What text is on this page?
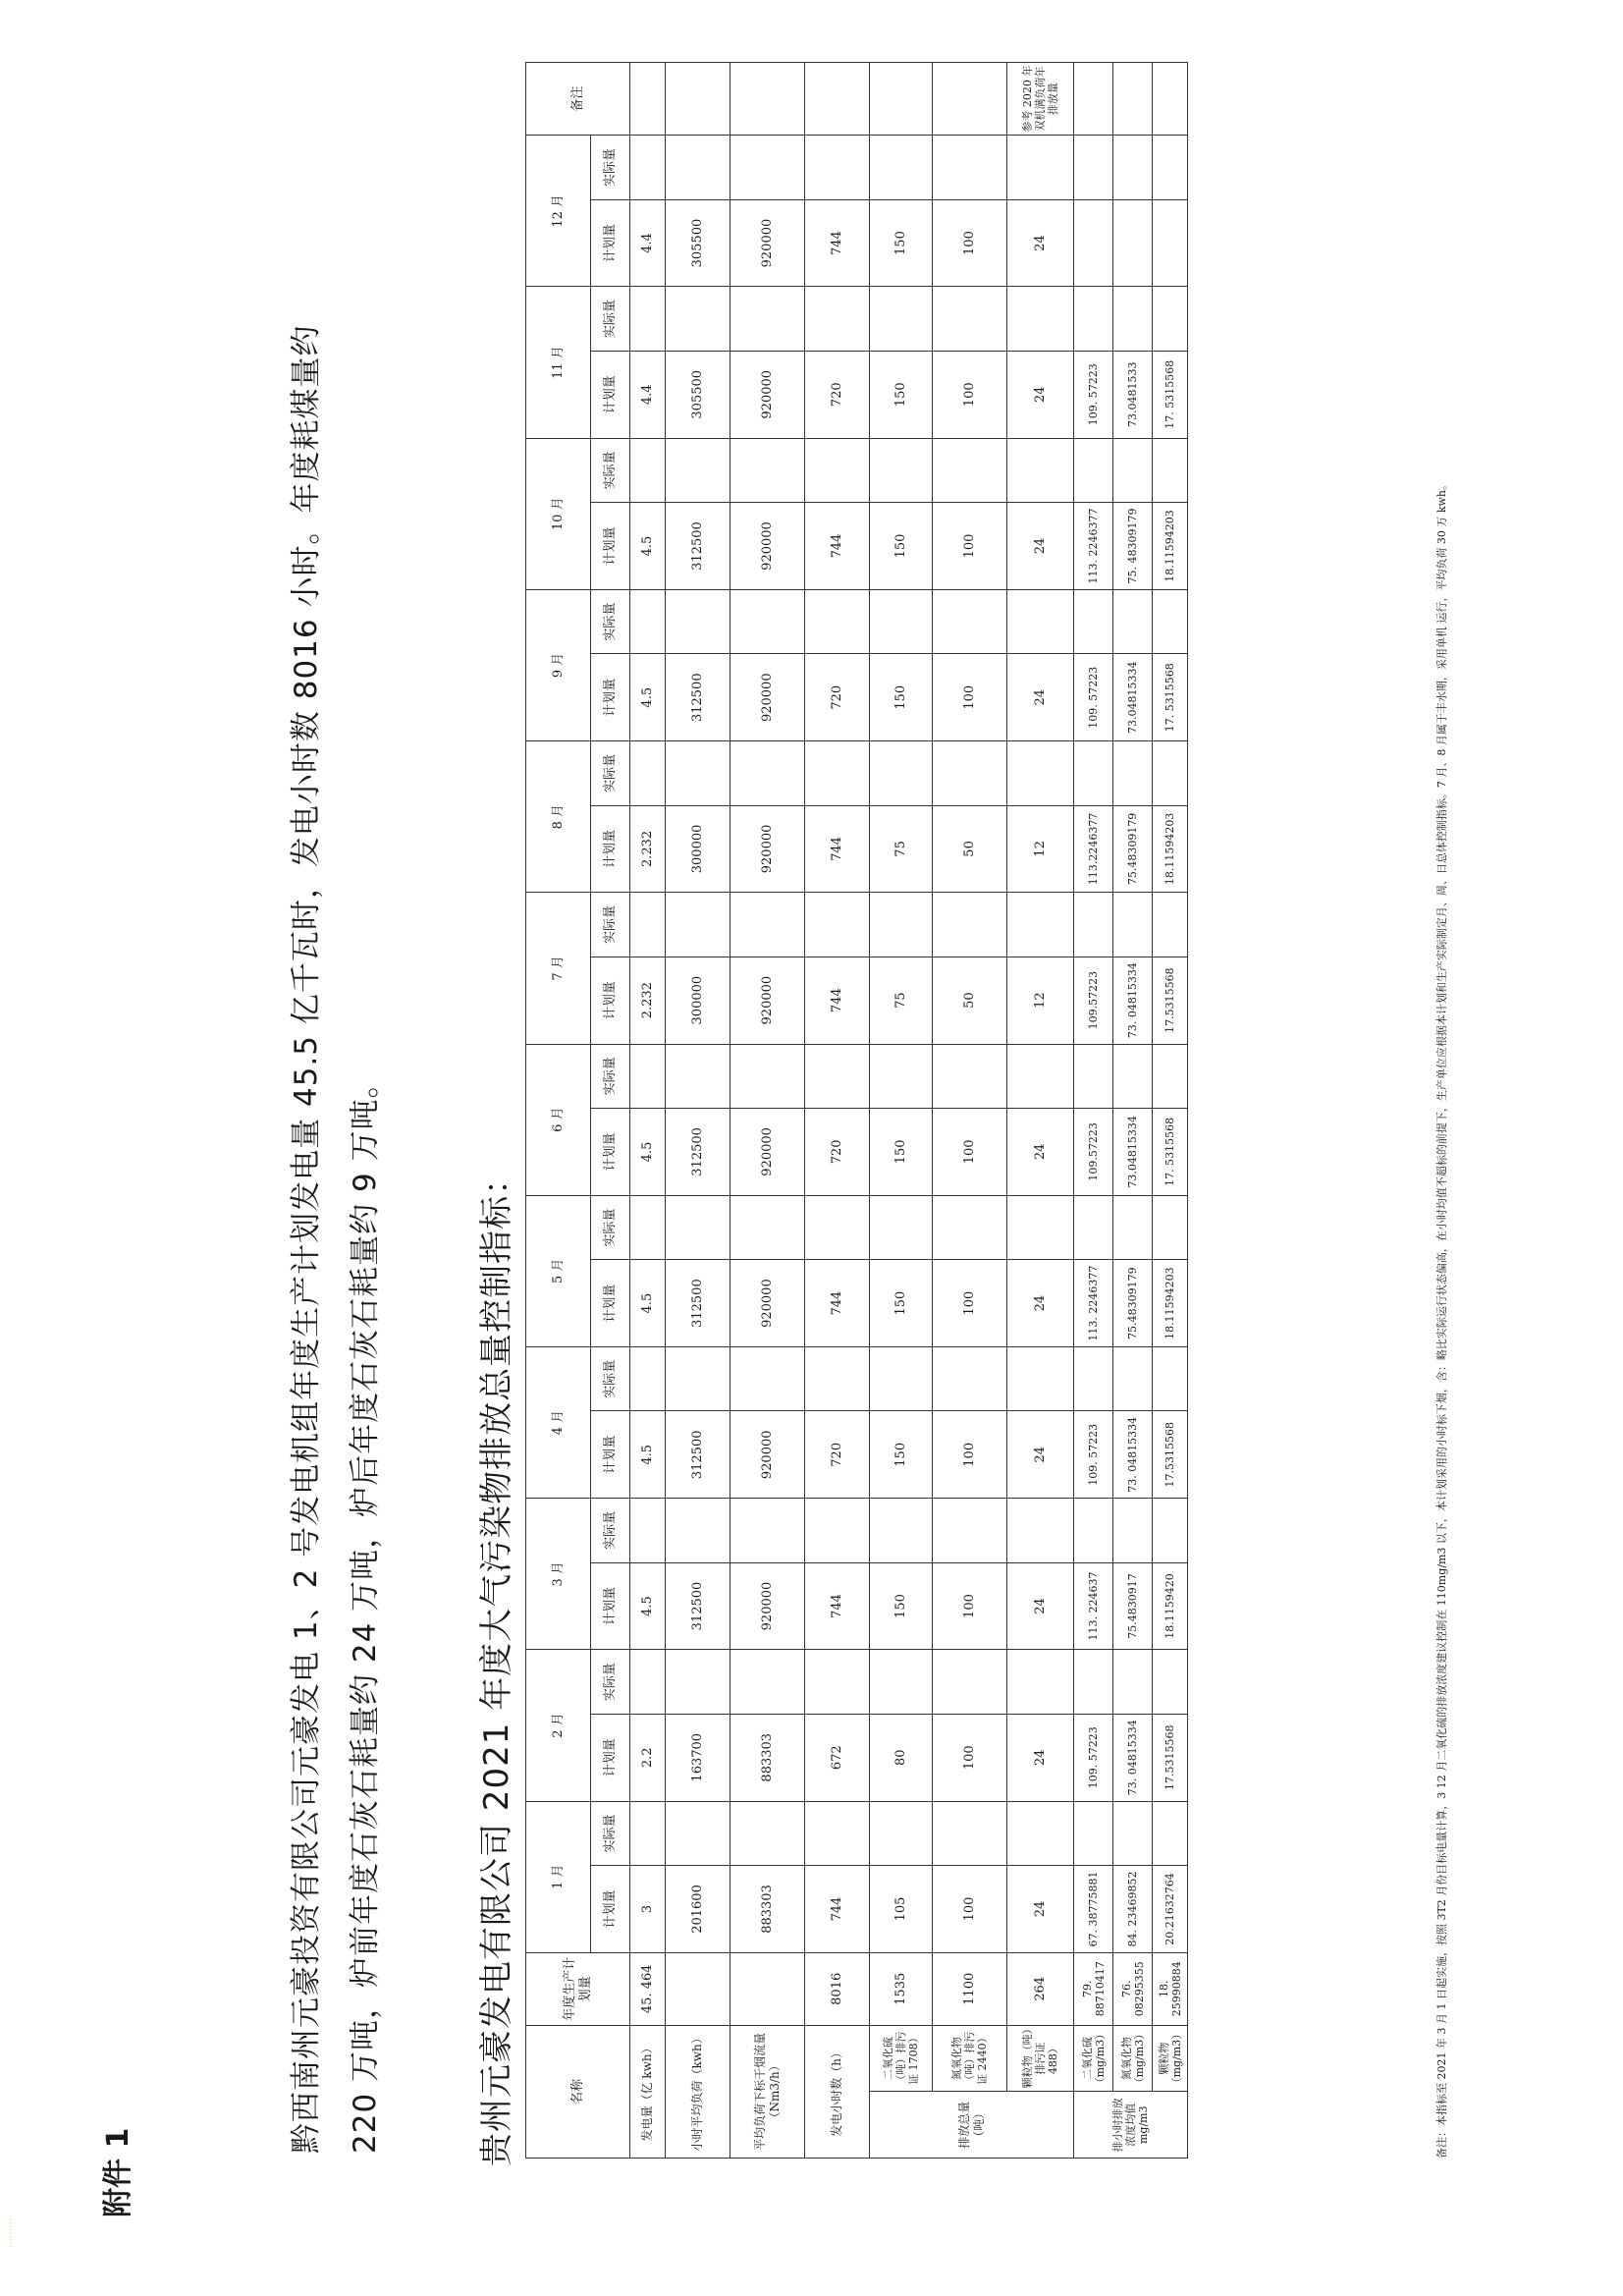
附件 1

黔西南州元豪投资有限公司元豪发电 1、2 号发电机组年度生产计划发电量 45.5 亿千瓦时，发电小时数 8016 小时。年度耗煤量约 220 万吨，炉前年度石灰石耗量约 24 万吨，炉后年度石灰石耗量约 9 万吨。	贵州元豪发电有限公司 2021 年度大气污染物排放总量控制指标：	名称		年度生产计划量	1 月		2 月		3 月		4 月		5 月		6 月		7 月		8 月		9 月		10 月		11 月		12 月		备注
			计划量	实际量	计划量	实际量	计划量	实际量	计划量	实际量	计划量	实际量	计划量	实际量	计划量	实际量	计划量	实际量	计划量	实际量	计划量	实际量	计划量	实际量	计划量	实际量	
发电量（亿 kwh）		45. 464	3		2.2		4.5		4.5		4.5		4.5		2.232		2.232		4.5		4.5		4.4		4.4		
小时平均负荷（kwh）			201600		163700		312500		312500		312500		312500		300000		300000		312500		312500		305500		305500		
平均负荷下标干烟流量（Nm3/h）			883303		883303		920000		920000		920000		920000		920000		920000		920000		920000		920000		920000		
发电小时数（h）		8016	744		672		744		720		744		720		744		744		720		744		720		744		
排放总量（吨）	二氧化硫（吨）排污证 1708）	1535	105		80		150		150		150		150		75		75		150		150		150		150		
	氮氧化物（吨）排污证 2440）	1100	100		100		100		100		100		100		50		50		100		100		100		100		
	颗粒物（吨）排污证 488）	264	24		24		24		24		24		24		12		12		24		24		24		24		参考 2020 年双机满负荷年排放量
排小时排放浓度均值 mg/m3	二氧化硫（mg/m3）	79. 88710417	67. 38775881		109. 57223		113. 224637		109. 57223		113. 2246377		109.57223		109.57223		113.2246377		109. 57223		113. 2246377		109. 57223				
	氮氧化物（mg/m3）	76. 08295355	84. 23469852		73. 04815334		75.4830917		73. 04815334		75.48309179		73.04815334		73. 04815334		75.48309179		73.04815334		75. 48309179		73.0481533				
	颗粒物（mg/m3）	18. 25990884	20.21632764		17.5315568		18.1159420		17.5315568		18.11594203		17. 5315568		17.5315568		18.11594203		17. 5315568		18.11594203		17. 5315568				

备注：本指标至 2021 年 3 月 1 日起实施，按照 3T2 月份目标电量计算，3 12 月二氧化硫的排放浓度建议控制在 110mg/m3 以下，本计划采用的小时标下烟，含：略比实际运行状态偏高，在小时均值不超标的前提下，生产单位应根据本计划和生产实际制定月、周、日总体控制指标。7 月、8 月属于丰水期，采用单机 运行，平均负荷 30 万 kwh。

⋮
⋮
⋮
